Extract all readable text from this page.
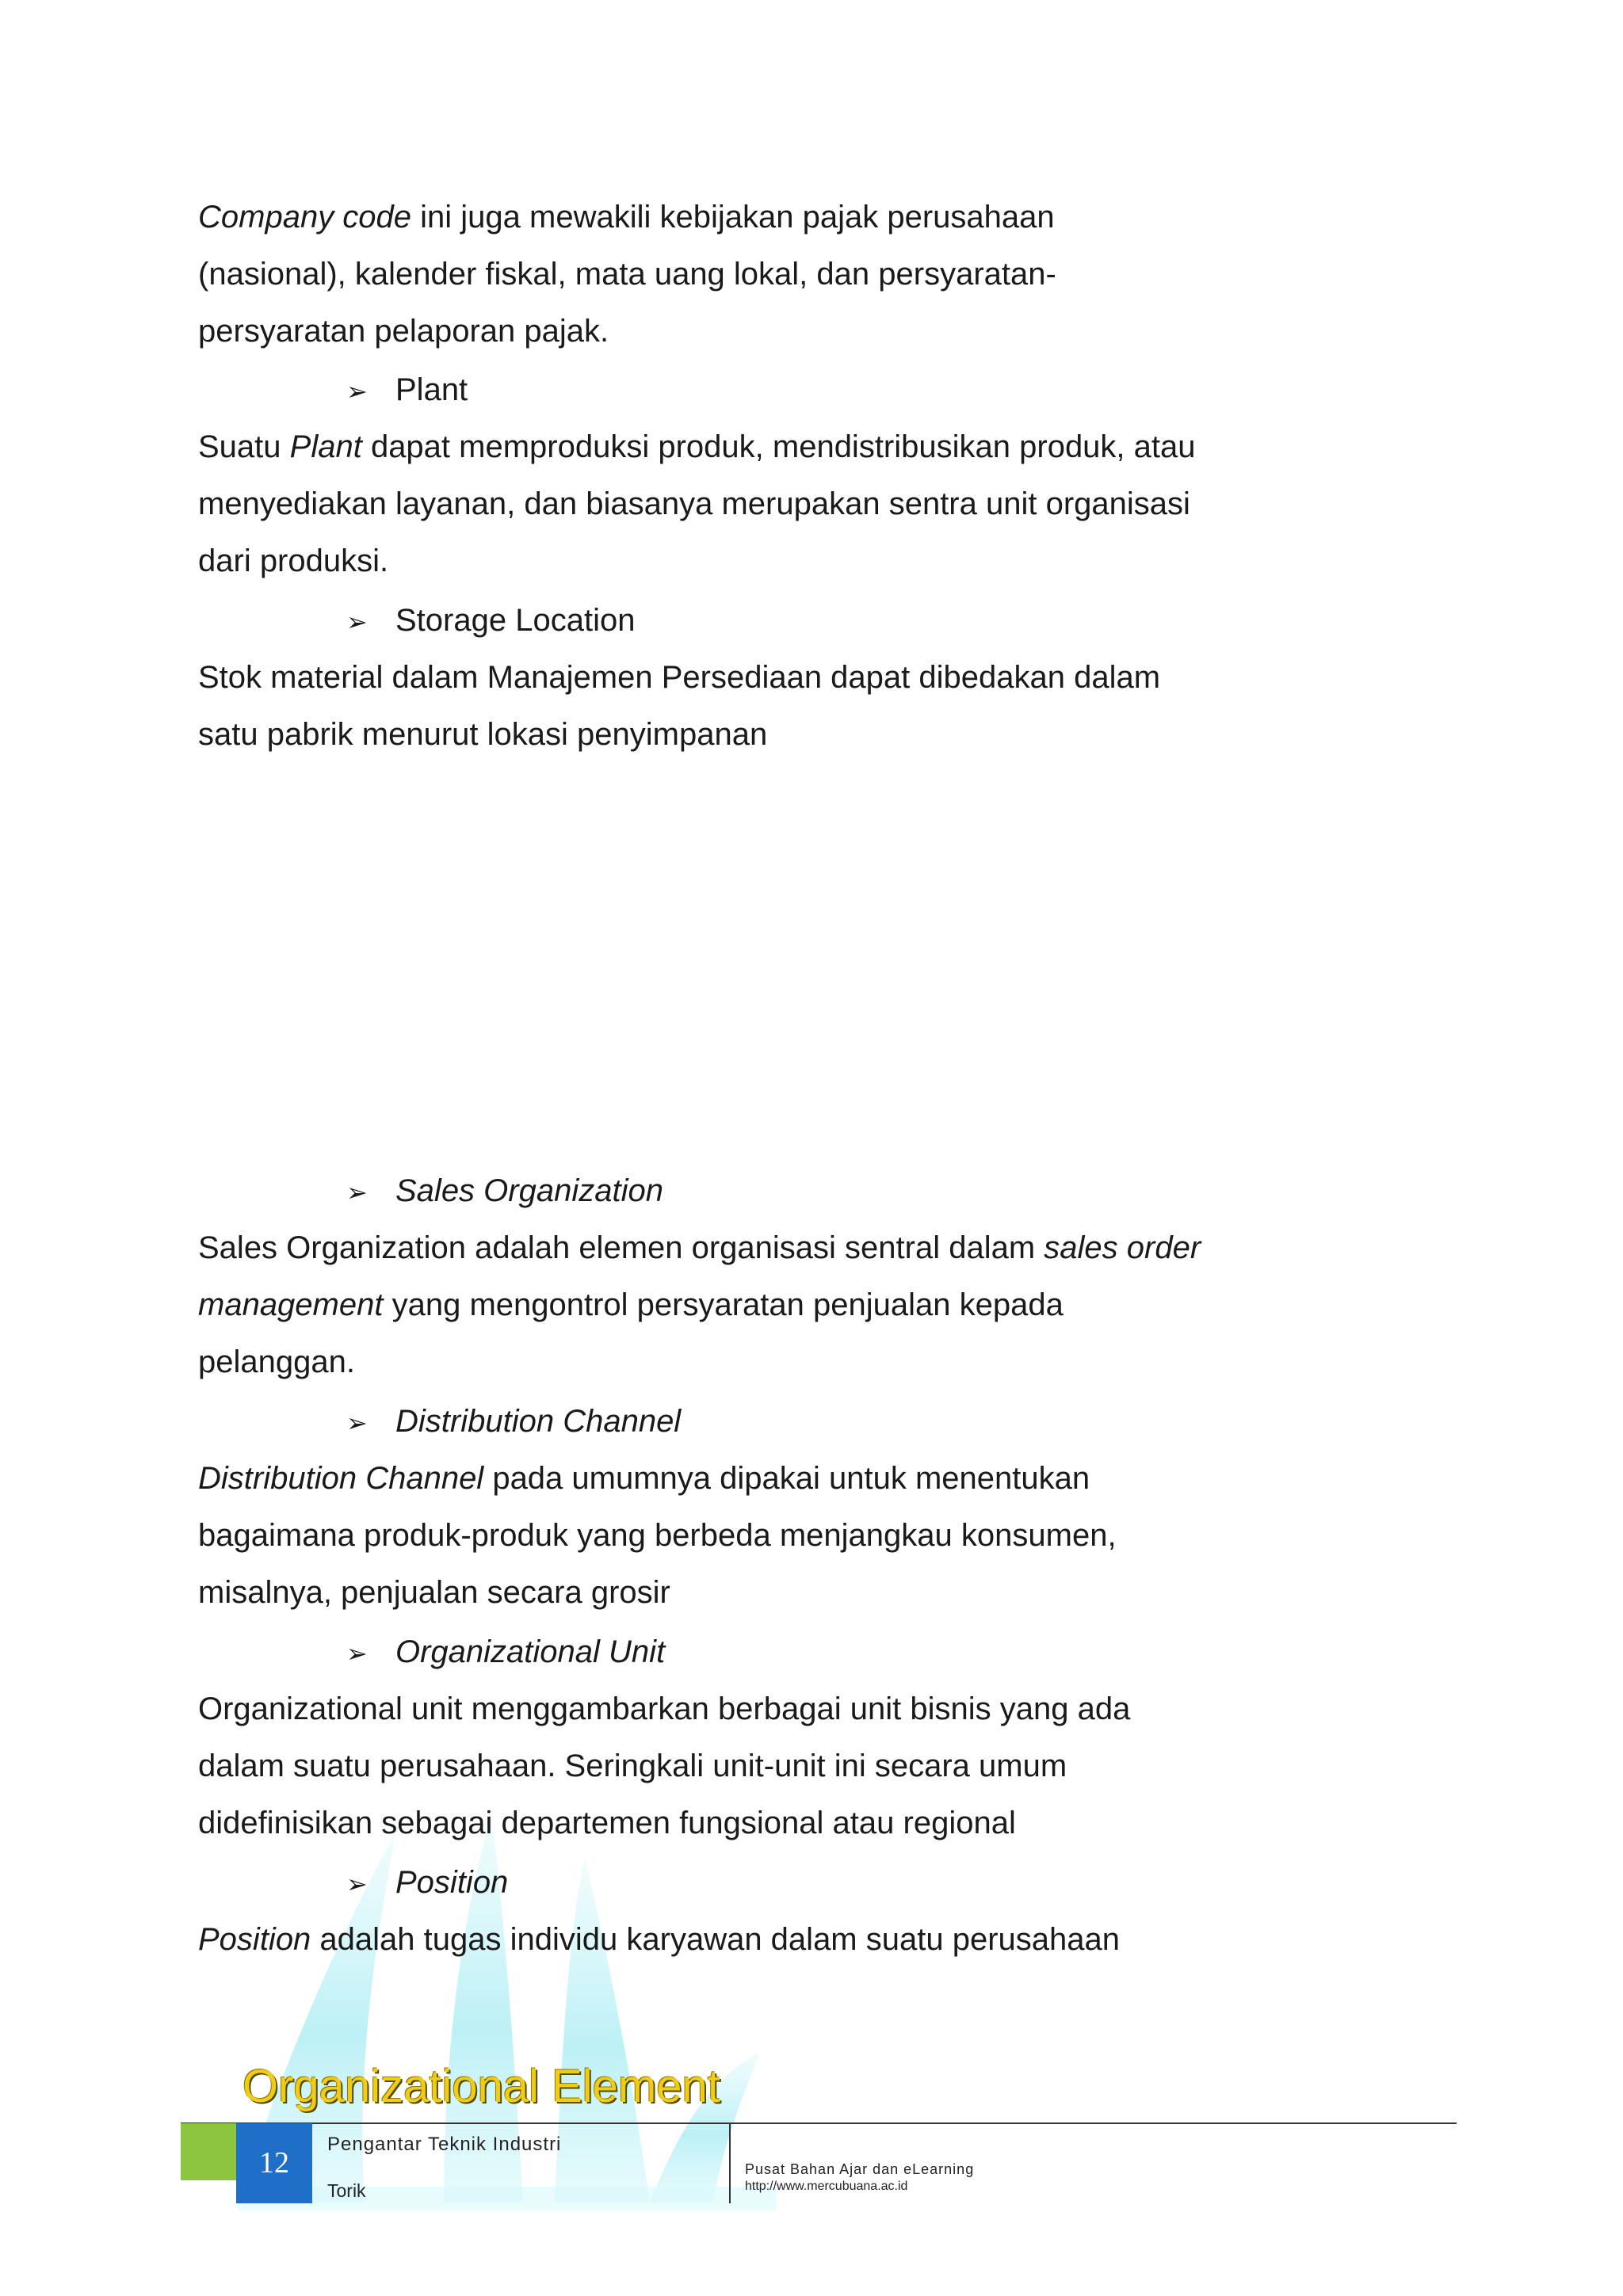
Company code ini juga mewakili kebijakan pajak perusahaan
(nasional), kalender fiskal, mata uang lokal, dan persyaratan-
persyaratan pelaporan pajak.
➢ Plant
Suatu Plant dapat memproduksi produk, mendistribusikan produk, atau
menyediakan layanan, dan biasanya merupakan sentra unit organisasi
dari produksi.
➢ Storage Location
Stok material dalam Manajemen Persediaan dapat dibedakan dalam
satu pabrik menurut lokasi penyimpanan
➢ Sales Organization
Sales Organization adalah elemen organisasi sentral dalam sales order
management yang mengontrol persyaratan penjualan kepada
pelanggan.
➢ Distribution Channel
Distribution Channel pada umumnya dipakai untuk menentukan
bagaimana produk-produk yang berbeda menjangkau konsumen,
misalnya, penjualan secara grosir
➢ Organizational Unit
Organizational unit menggambarkan berbagai unit bisnis yang ada
dalam suatu perusahaan. Seringkali unit-unit ini secara umum
didefinisikan sebagai departemen fungsional atau regional
➢ Position
Position adalah tugas individu karyawan dalam suatu perusahaan
Organizational Element
12
Pengantar Teknik Industri
Torik
Pusat Bahan Ajar dan eLearning
http://www.mercubuana.ac.id
